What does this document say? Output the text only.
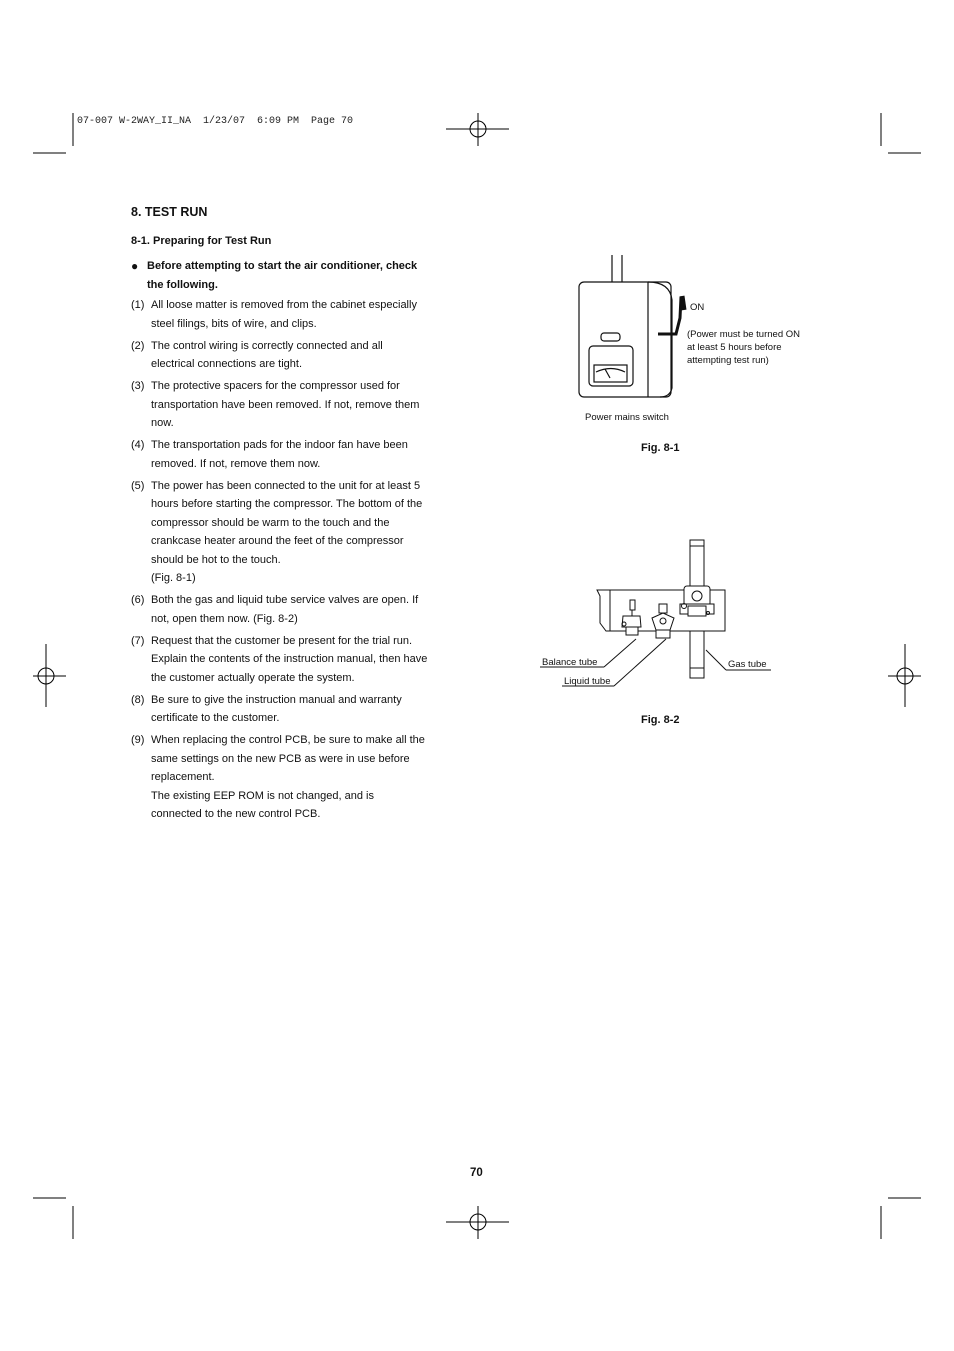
07-007 W-2WAY_II_NA  1/23/07  6:09 PM  Page 70
8. TEST RUN
8-1. Preparing for Test Run
● Before attempting to start the air conditioner, check
the following.
(1) All loose matter is removed from the cabinet especially
steel filings, bits of wire, and clips.
(2) The control wiring is correctly connected and all
electrical connections are tight.
(3) The protective spacers for the compressor used for
transportation have been removed. If not, remove them
now.
(4) The transportation pads for the indoor fan have been
removed. If not, remove them now.
(5) The power has been connected to the unit for at least 5
hours before starting the compressor. The bottom of the
compressor should be warm to the touch and the
crankcase heater around the feet of the compressor
should be hot to the touch.
(Fig. 8-1)
(6) Both the gas and liquid tube service valves are open. If
not, open them now. (Fig. 8-2)
(7) Request that the customer be present for the trial run.
Explain the contents of the instruction manual, then have
the customer actually operate the system.
(8) Be sure to give the instruction manual and warranty
certificate to the customer.
(9) When replacing the control PCB, be sure to make all the
same settings on the new PCB as were in use before
replacement.
The existing EEP ROM is not changed, and is
connected to the new control PCB.
ON
(Power must be turned ON
at least 5 hours before
attempting test run)
Power mains switch
Fig. 8-1
Balance tube
Liquid tube
Gas tube
Fig. 8-2
70
